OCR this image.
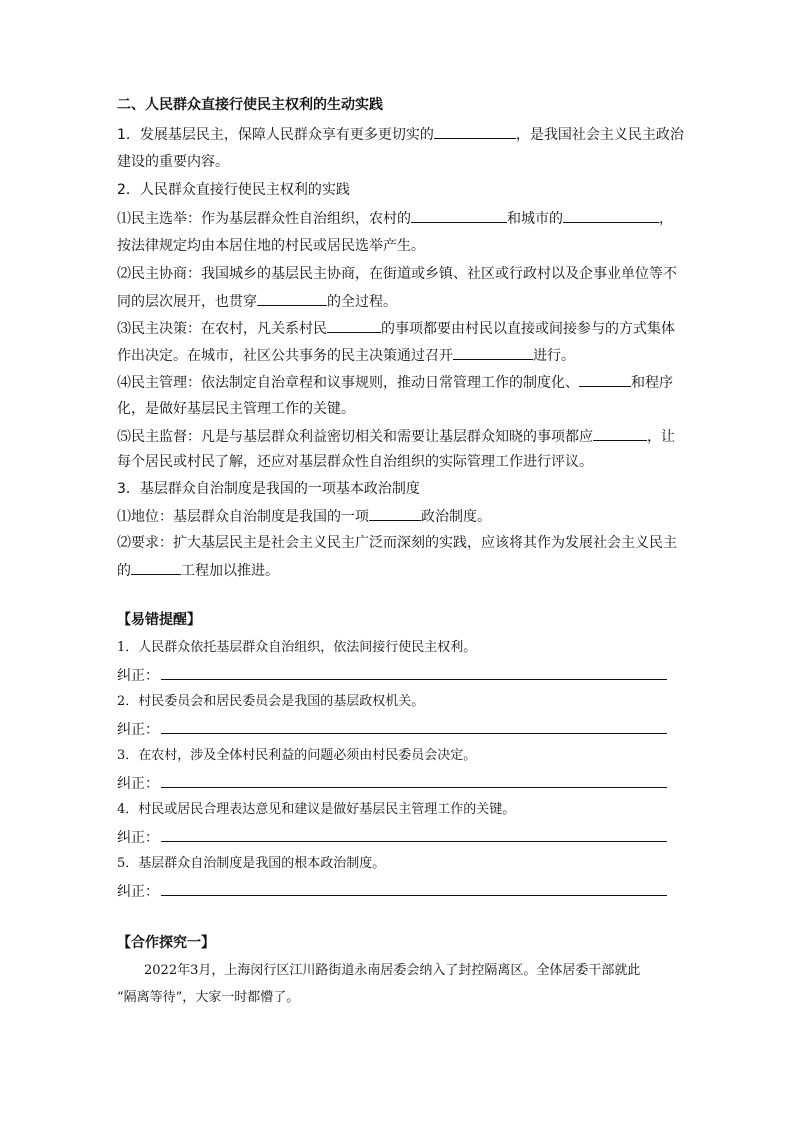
二、人民群众直接行使民主权利的生动实践
1．发展基层民主，保障人民群众享有更多更切实的	，是我国社会主义民主政治
建设的重要内容。
2．人民群众直接行使民主权利的实践
⑴民主选举：作为基层群众性自治组织，农村的	和城市的	，
按法律规定均由本居住地的村民或居民选举产生。
⑵民主协商：我国城乡的基层民主协商，在街道或乡镇、社区或行政村以及企事业单位等不
同的层次展开，也贯穿	的全过程。
⑶民主决策：在农村，凡关系村民	的事项都要由村民以直接或间接参与的方式集体
作出决定。在城市，社区公共事务的民主决策通过召开	进行。
⑷民主管理：依法制定自治章程和议事规则，推动日常管理工作的制度化、	和程序
化，是做好基层民主管理工作的关键。
⑸民主监督：凡是与基层群众利益密切相关和需要让基层群众知晓的事项都应	，让
每个居民或村民了解，还应对基层群众性自治组织的实际管理工作进行评议。
3．基层群众自治制度是我国的一项基本政治制度
⑴地位：基层群众自治制度是我国的一项	政治制度。
⑵要求：扩大基层民主是社会主义民主广泛而深刻的实践，应该将其作为发展社会主义民主
的	工程加以推进。
【易错提醒】
1．人民群众依托基层群众自治组织，依法间接行使民主权利。
纠正：
2．村民委员会和居民委员会是我国的基层政权机关。
纠正：
3．在农村，涉及全体村民利益的问题必须由村民委员会决定。
纠正：
4．村民或居民合理表达意见和建议是做好基层民主管理工作的关键。
纠正：
5．基层群众自治制度是我国的根本政治制度。
纠正：
【合作探究一】
2022年3月，上海闵行区江川路街道永南居委会纳入了封控隔离区。全体居委干部就此
“隔离等待”，大家一时都懵了。
